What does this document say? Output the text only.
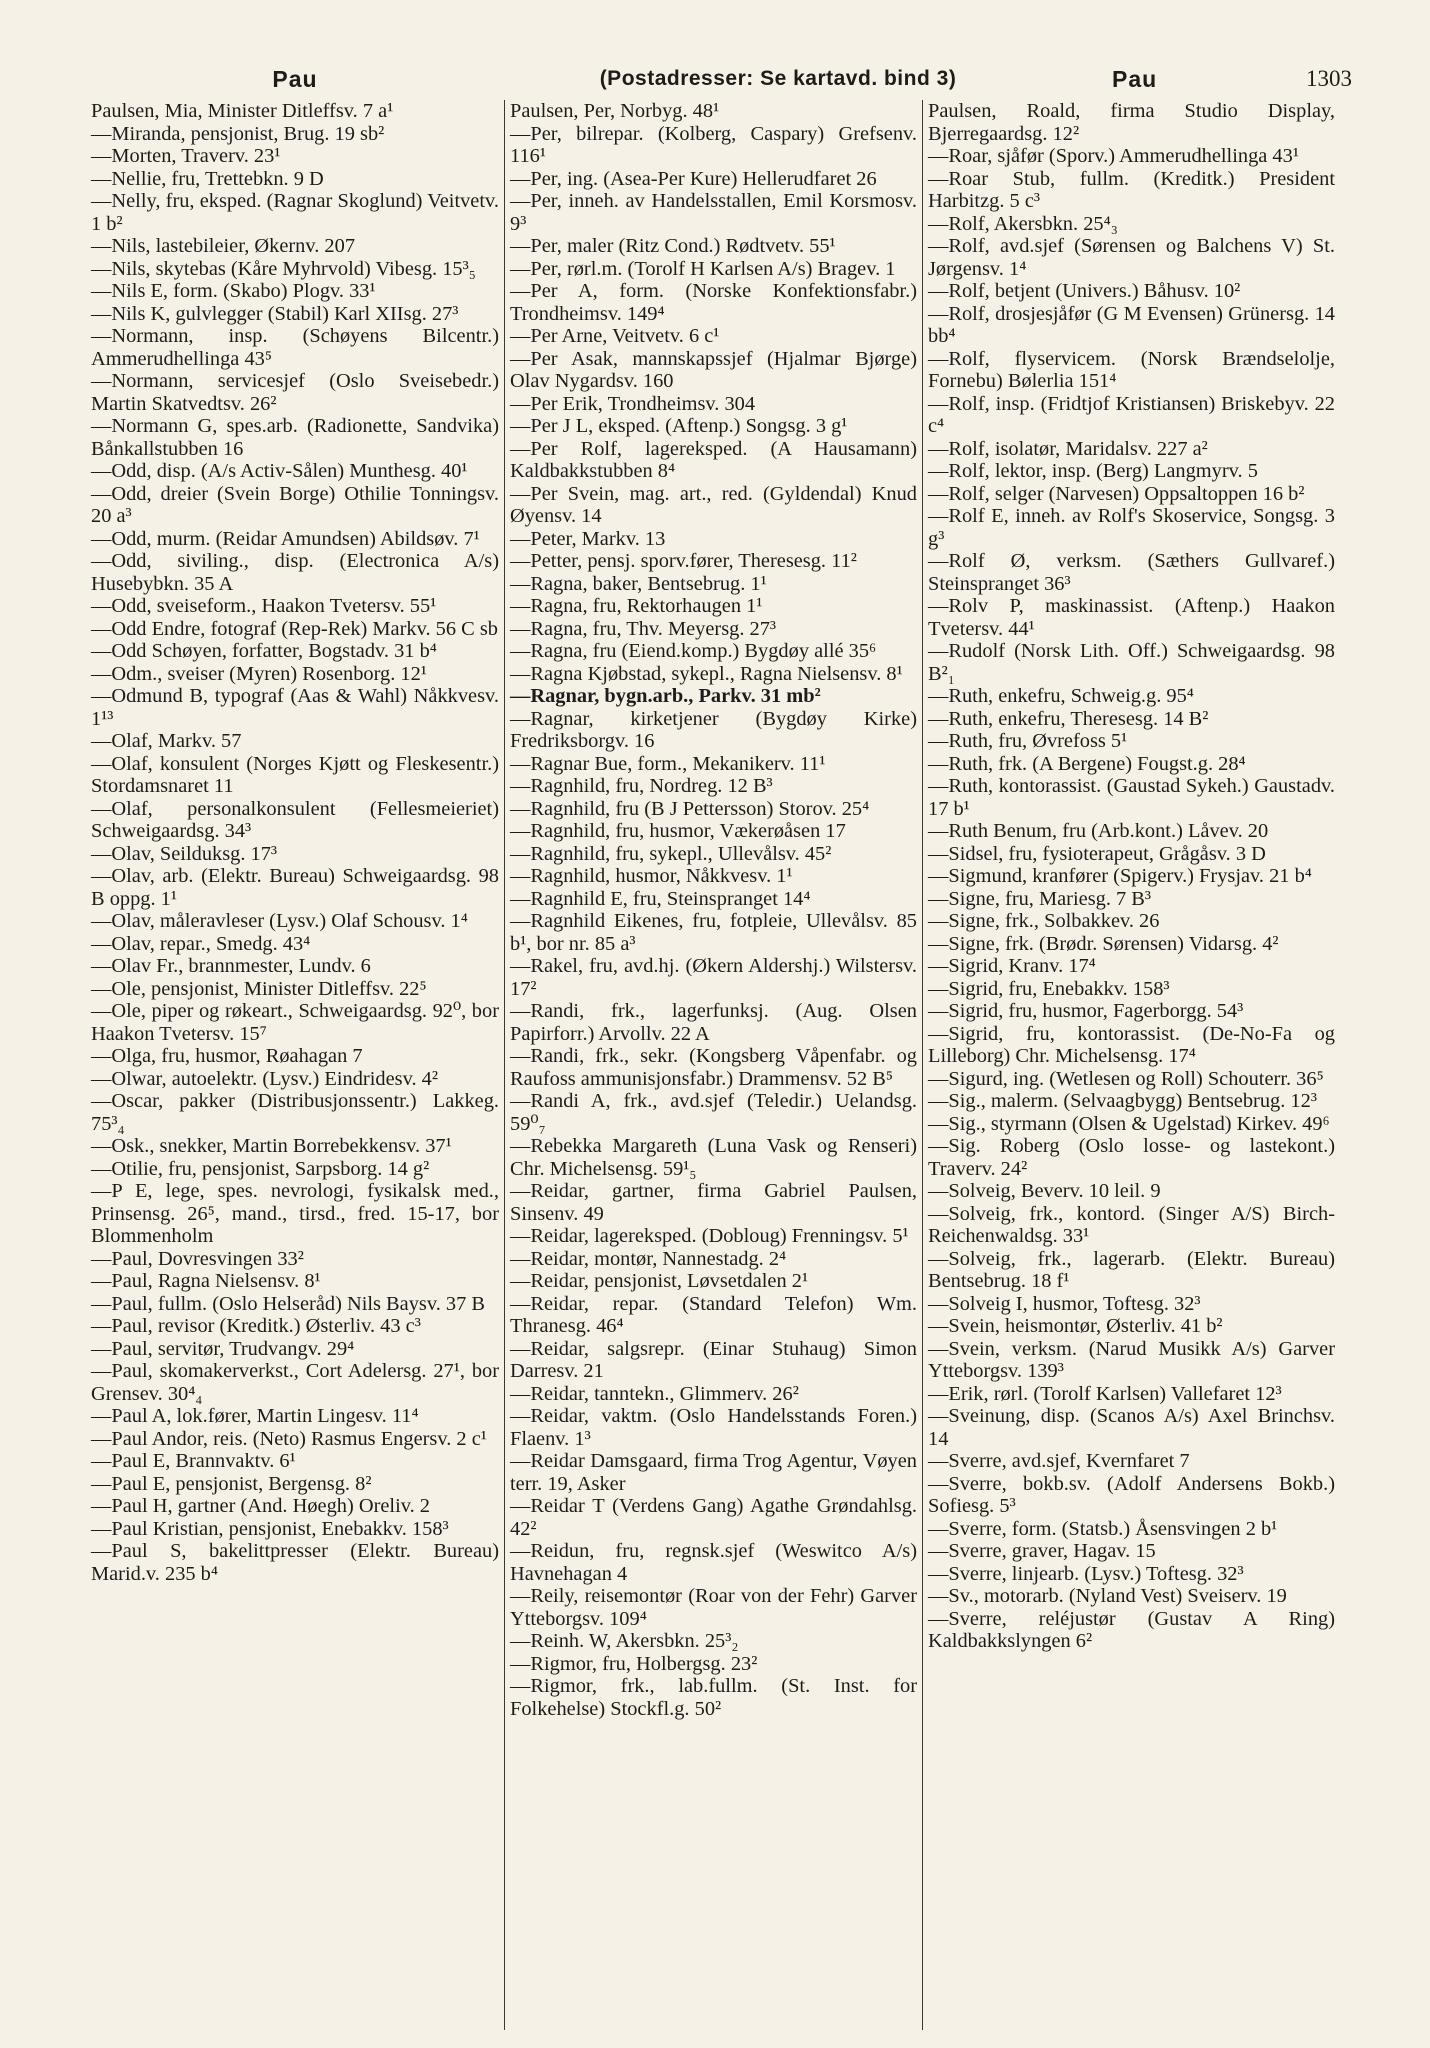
Pau	(Postadresser: Se kartavd. bind 3)	Pau	1303
Paulsen, Mia, Minister Ditleffsv. 7 a¹
—Miranda, pensjonist, Brug. 19 sb²
—Morten, Traverv. 23¹
—Nellie, fru, Trettebkn. 9 D
—Nelly, fru, eksped. (Ragnar Skoglund) Veitvetv. 1 b²
—Nils, lastebileier, Økernv. 207
—Nils, skytebas (Kåre Myhrvold) Vibesg. 15³₅
—Nils E, form. (Skabo) Plogv. 33¹
—Nils K, gulvlegger (Stabil) Karl XIIsg. 27³
—Normann, insp. (Schøyens Bilcentr.) Ammerudhellinga 43⁵
—Normann, servicesjef (Oslo Sveisebedr.) Martin Skatvedtsv. 26²
—Normann G, spes.arb. (Radionette, Sandvika) Bånkallstubben 16
—Odd, disp. (A/s Activ-Sålen) Munthesg. 40¹
—Odd, dreier (Svein Borge) Othilie Tonningsv. 20 a³
—Odd, murm. (Reidar Amundsen) Abildsøv. 7¹
—Odd, siviling., disp. (Electronica A/s) Husebybkn. 35 A
—Odd, sveiseform., Haakon Tvetersv. 55¹
—Odd Endre, fotograf (Rep-Rek) Markv. 56 C sb
—Odd Schøyen, forfatter, Bogstadv. 31 b⁴
—Odm., sveiser (Myren) Rosenborg. 12¹
—Odmund B, typograf (Aas & Wahl) Nåkkvesv. 1¹³
—Olaf, Markv. 57
—Olaf, konsulent (Norges Kjøtt og Fleskesentr.) Stordamsnaret 11
—Olaf, personalkonsulent (Fellesmeieriet) Schweigaardsg. 34³
—Olav, Seilduksg. 17³
—Olav, arb. (Elektr. Bureau) Schweigaardsg. 98 B oppg. 1¹
—Olav, måleravleser (Lysv.) Olaf Schousv. 1⁴
—Olav, repar., Smedg. 43⁴
—Olav Fr., brannmester, Lundv. 6
—Ole, pensjonist, Minister Ditleffsv. 22⁵
—Ole, piper og røkeart., Schweigaardsg. 92⁰, bor Haakon Tvetersv. 15⁷
—Olga, fru, husmor, Røahagan 7
—Olwar, autoelektr. (Lysv.) Eindridesv. 4²
—Oscar, pakker (Distribusjonssentr.) Lakkeg. 75³₄
—Osk., snekker, Martin Borrebekkensv. 37¹
—Otilie, fru, pensjonist, Sarpsborg. 14 g²
—P E, lege, spes. nevrologi, fysikalsk med., Prinsensg. 26⁵, mand., tirsd., fred. 15-17, bor Blommenholm
—Paul, Dovresvingen 33²
—Paul, Ragna Nielsensv. 8¹
—Paul, fullm. (Oslo Helseråd) Nils Baysv. 37 B
—Paul, revisor (Kreditk.) Østerliv. 43 c³
—Paul, servitør, Trudvangv. 29⁴
—Paul, skomakerverkst., Cort Adelersg. 27¹, bor Grensev. 30⁴₄
—Paul A, lok.fører, Martin Lingesv. 11⁴
—Paul Andor, reis. (Neto) Rasmus Engersv. 2 c¹
—Paul E, Brannvaktv. 6¹
—Paul E, pensjonist, Bergensg. 8²
—Paul H, gartner (And. Høegh) Oreliv. 2
—Paul Kristian, pensjonist, Enebakkv. 158³
—Paul S, bakelittpresser (Elektr. Bureau) Marid.v. 235 b⁴
Paulsen, Per, Norbyg. 48¹
—Per, bilrepar. (Kolberg, Caspary) Grefsenv. 116¹
—Per, ing. (Asea-Per Kure) Hellerudfaret 26
—Per, inneh. av Handelsstallen, Emil Korsmosv. 9³
—Per, maler (Ritz Cond.) Rødtvetv. 55¹
—Per, rørl.m. (Torolf H Karlsen A/s) Bragev. 1
—Per A, form. (Norske Konfektionsfabr.) Trondheimsv. 149⁴
—Per Arne, Veitvetv. 6 c¹
—Per Asak, mannskapssjef (Hjalmar Bjørge) Olav Nygardsv. 160
—Per Erik, Trondheimsv. 304
—Per J L, eksped. (Aftenp.) Songsg. 3 g¹
—Per Rolf, lagereksped. (A Hausamann) Kaldbakkstubben 8⁴
—Per Svein, mag. art., red. (Gyldendal) Knud Øyensv. 14
—Peter, Markv. 13
—Petter, pensj. sporv.fører, Theresesg. 11²
—Ragna, baker, Bentsebrug. 1¹
—Ragna, fru, Rektorhaugen 1¹
—Ragna, fru, Thv. Meyersg. 27³
—Ragna, fru (Eiend.komp.) Bygdøy allé 35⁶
—Ragna Kjøbstad, sykepl., Ragna Nielsensv. 8¹
—Ragnar, bygn.arb., Parkv. 31 mb²
—Ragnar, kirketjener (Bygdøy Kirke) Fredriksborgv. 16
—Ragnar Bue, form., Mekanikerv. 11¹
—Ragnhild, fru, Nordreg. 12 B³
—Ragnhild, fru (B J Pettersson) Storov. 25⁴
—Ragnhild, fru, husmor, Vækerøåsen 17
—Ragnhild, fru, sykepl., Ullevålsv. 45²
—Ragnhild, husmor, Nåkkvesv. 1¹
—Ragnhild E, fru, Steinspranget 14⁴
—Ragnhild Eikenes, fru, fotpleie, Ullevålsv. 85 b¹, bor nr. 85 a³
—Rakel, fru, avd.hj. (Økern Aldershj.) Wilstersv. 17²
—Randi, frk., lagerfunksj. (Aug. Olsen Papirforr.) Arvollv. 22 A
—Randi, frk., sekr. (Kongsberg Våpenfabr. og Raufoss ammunisjonsfabr.) Drammensv. 52 B⁵
—Randi A, frk., avd.sjef (Teledir.) Uelandsg. 59⁰₇
—Rebekka Margareth (Luna Vask og Renseri) Chr. Michelsensg. 59¹₅
—Reidar, gartner, firma Gabriel Paulsen, Sinsenv. 49
—Reidar, lagereksped. (Dobloug) Frenningsv. 5¹
—Reidar, montør, Nannestadg. 2⁴
—Reidar, pensjonist, Løvsetdalen 2¹
—Reidar, repar. (Standard Telefon) Wm. Thranesg. 46⁴
—Reidar, salgsrepr. (Einar Stuhaug) Simon Darresv. 21
—Reidar, tanntekn., Glimmerv. 26²
—Reidar, vaktm. (Oslo Handelsstands Foren.) Flaenv. 1³
—Reidar Damsgaard, firma Trog Agentur, Vøyen terr. 19, Asker
—Reidar T (Verdens Gang) Agathe Grøndahlsg. 42²
—Reidun, fru, regnsk.sjef (Weswitco A/s) Havnehagan 4
—Reily, reisemontør (Roar von der Fehr) Garver Ytteborgsv. 109⁴
—Reinh. W, Akersbkn. 25³₂
—Rigmor, fru, Holbergsg. 23²
—Rigmor, frk., lab.fullm. (St. Inst. for Folkehelse) Stockfl.g. 50²
Paulsen, Roald, firma Studio Display, Bjerregaardsg. 12²
—Roar, sjåfør (Sporv.) Ammerudhellinga 43¹
—Roar Stub, fullm. (Kreditk.) President Harbitzg. 5 c³
—Rolf, Akersbkn. 25⁴₃
—Rolf, avd.sjef (Sørensen og Balchens V) St. Jørgensv. 1⁴
—Rolf, betjent (Univers.) Båhusv. 10²
—Rolf, drosjesjåfør (G M Evensen) Grünersg. 14 bb⁴
—Rolf, flyservicem. (Norsk Brændselolje, Fornebu) Bølerlia 151⁴
—Rolf, insp. (Fridtjof Kristiansen) Briskebyv. 22 c⁴
—Rolf, isolatør, Maridalsv. 227 a²
—Rolf, lektor, insp. (Berg) Langmyrv. 5
—Rolf, selger (Narvesen) Oppsaltoppen 16 b²
—Rolf E, inneh. av Rolf's Skoservice, Songsg. 3 g³
—Rolf Ø, verksm. (Sæthers Gullvaref.) Steinspranget 36³
—Rolv P, maskinassist. (Aftenp.) Haakon Tvetersv. 44¹
—Rudolf (Norsk Lith. Off.) Schweigaardsg. 98 B²₁
—Ruth, enkefru, Schweig.g. 95⁴
—Ruth, enkefru, Theresesg. 14 B²
—Ruth, fru, Øvrefoss 5¹
—Ruth, frk. (A Bergene) Fougst.g. 28⁴
—Ruth, kontorassist. (Gaustad Sykeh.) Gaustadv. 17 b¹
—Ruth Benum, fru (Arb.kont.) Låvev. 20
—Sidsel, fru, fysioterapeut, Grågåsv. 3 D
—Sigmund, kranfører (Spigerv.) Frysjav. 21 b⁴
—Signe, fru, Mariesg. 7 B³
—Signe, frk., Solbakkev. 26
—Signe, frk. (Brødr. Sørensen) Vidarsg. 4²
—Sigrid, Kranv. 17⁴
—Sigrid, fru, Enebakkv. 158³
—Sigrid, fru, husmor, Fagerborgg. 54³
—Sigrid, fru, kontorassist. (De-No-Fa og Lilleborg) Chr. Michelsensg. 17⁴
—Sigurd, ing. (Wetlesen og Roll) Schouterr. 36⁵
—Sig., malerm. (Selvaagbygg) Bentsebrug. 12³
—Sig., styrmann (Olsen & Ugelstad) Kirkev. 49⁶
—Sig. Roberg (Oslo losse- og lastekont.) Traverv. 24²
—Solveig, Beverv. 10 leil. 9
—Solveig, frk., kontord. (Singer A/S) Birch-Reichenwaldsg. 33¹
—Solveig, frk., lagerarb. (Elektr. Bureau) Bentsebrug. 18 f¹
—Solveig I, husmor, Toftesg. 32³
—Svein, heismontør, Østerliv. 41 b²
—Svein, verksm. (Narud Musikk A/s) Garver Ytteborgsv. 139³
—Erik, rørl. (Torolf Karlsen) Vallefaret 12³
—Sveinung, disp. (Scanos A/s) Axel Brinchsv. 14
—Sverre, avd.sjef, Kvernfaret 7
—Sverre, bokb.sv. (Adolf Andersens Bokb.) Sofiesg. 5³
—Sverre, form. (Statsb.) Åsensvingen 2 b¹
—Sverre, graver, Hagav. 15
—Sverre, linjearb. (Lysv.) Toftesg. 32³
—Sv., motorarb. (Nyland Vest) Sveiserv. 19
—Sverre, reléjustør (Gustav A Ring) Kaldbakkslyngen 6²
